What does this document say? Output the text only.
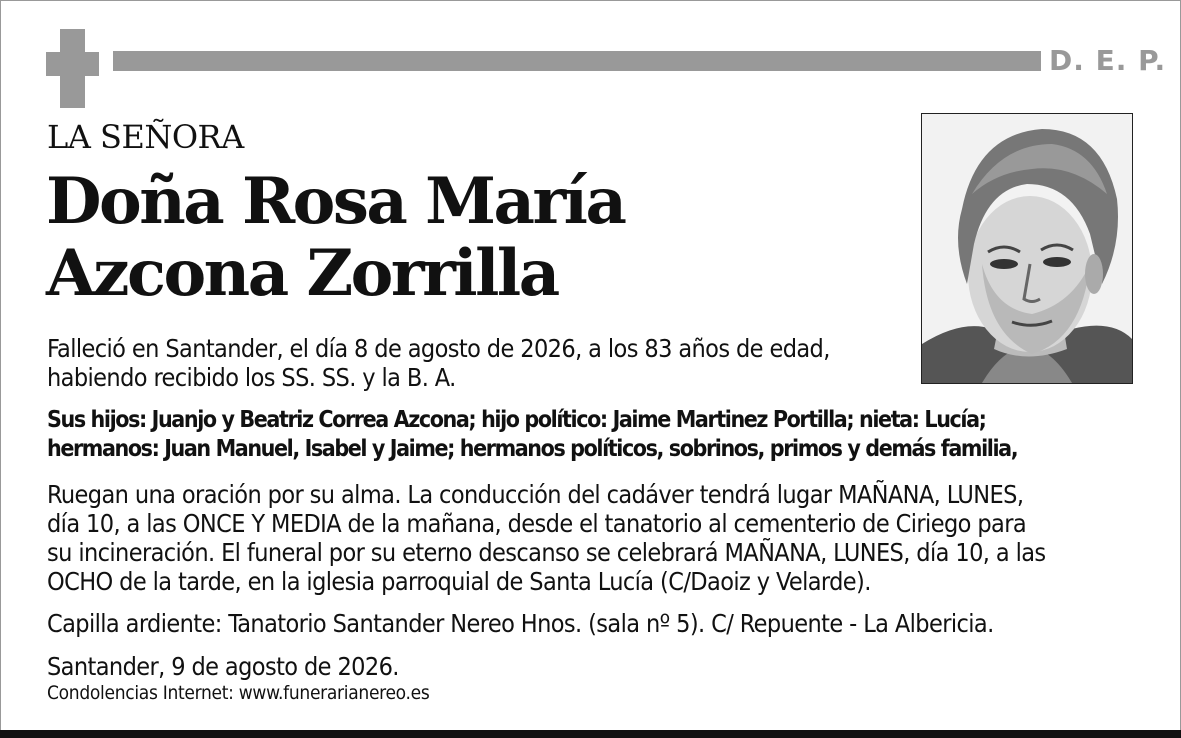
D. E. P.
LA SEÑORA
Doña Rosa María
Azcona Zorrilla
Falleció en Santander, el día 8 de agosto de 2026, a los 83 años de edad,
habiendo recibido los SS. SS. y la B. A.
Sus hijos: Juanjo y Beatriz Correa Azcona; hijo político: Jaime Martinez Portilla; nieta: Lucía;
hermanos: Juan Manuel, Isabel y Jaime; hermanos políticos, sobrinos, primos y demás familia,
Ruegan una oración por su alma. La conducción del cadáver tendrá lugar MAÑANA, LUNES,
día 10, a las ONCE Y MEDIA de la mañana, desde el tanatorio al cementerio de Ciriego para
su incineración. El funeral por su eterno descanso se celebrará MAÑANA, LUNES, día 10, a las
OCHO de la tarde, en la iglesia parroquial de Santa Lucía (C/Daoiz y Velarde).
Capilla ardiente: Tanatorio Santander Nereo Hnos. (sala nº 5). C/ Repuente - La Albericia.
Santander, 9 de agosto de 2026.
Condolencias Internet: www.funerarianereo.es
